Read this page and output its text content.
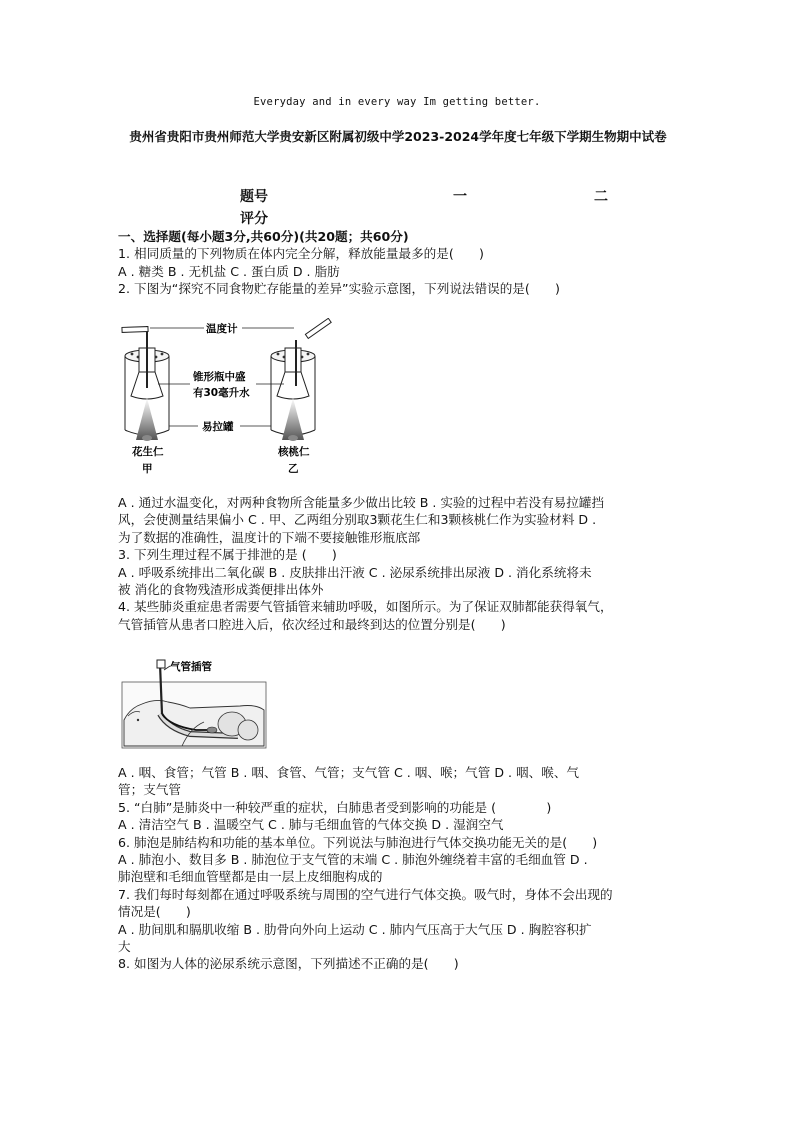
Everyday and in every way Im getting better.
贵州省贵阳市贵州师范大学贵安新区附属初级中学2023-2024学年度七年级下学期生物期中试卷
题号	一	二
评分

一、选择题(每小题3分,共60分)(共20题；共60分)

1. 相同质量的下列物质在体内完全分解，释放能量最多的是(　　)

A . 糖类 B . 无机盐 C . 蛋白质 D . 脂肪

2. 下图为“探究不同食物贮存能量的差异”实验示意图，下列说法错误的是(　　)

温度计
锥形瓶中盛
有30毫升水
易拉罐
花生仁
甲
核桃仁
乙

A . 通过水温变化，对两种食物所含能量多少做出比较 B . 实验的过程中若没有易拉罐挡

风，会使测量结果偏小 C . 甲、乙两组分别取3颗花生仁和3颗核桃仁作为实验材料 D .

为了数据的准确性，温度计的下端不要接触锥形瓶底部

3. 下列生理过程不属于排泄的是 (　　)

A . 呼吸系统排出二氧化碳 B . 皮肤排出汗液 C . 泌尿系统排出尿液 D . 消化系统将未

被 消化的食物残渣形成粪便排出体外

4. 某些肺炎重症患者需要气管插管来辅助呼吸，如图所示。为了保证双肺都能获得氧气，

气管插管从患者口腔进入后，依次经过和最终到达的位置分别是(　　)

气管插管

A . 咽、食管；气管 B . 咽、食管、气管；支气管 C . 咽、喉；气管 D . 咽、喉、气

管；支气管

5. “白肺”是肺炎中一种较严重的症状，白肺患者受到影响的功能是 (　　　　)

A . 清洁空气 B . 温暖空气 C . 肺与毛细血管的气体交换 D . 湿润空气

6. 肺泡是肺结构和功能的基本单位。下列说法与肺泡进行气体交换功能无关的是(　　)

A . 肺泡小、数目多 B . 肺泡位于支气管的末端 C . 肺泡外缠绕着丰富的毛细血管 D .

肺泡壁和毛细血管壁都是由一层上皮细胞构成的

7. 我们每时每刻都在通过呼吸系统与周围的空气进行气体交换。吸气时，身体不会出现的

情况是(　　)

A . 肋间肌和膈肌收缩 B . 肋骨向外向上运动 C . 肺内气压高于大气压 D . 胸腔容积扩

大

8. 如图为人体的泌尿系统示意图，下列描述不正确的是(　　)
